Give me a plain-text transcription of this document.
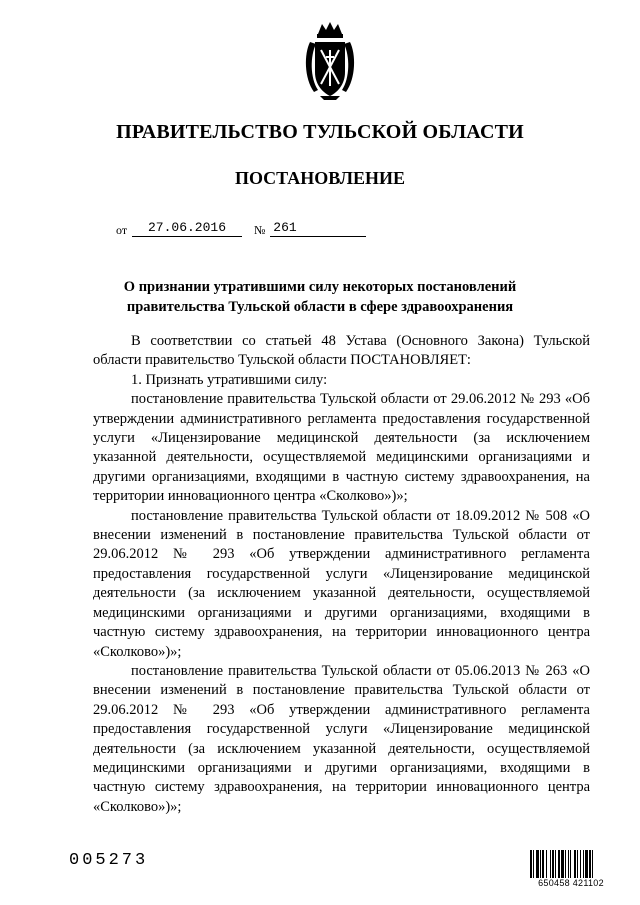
ПРАВИТЕЛЬСТВО ТУЛЬСКОЙ ОБЛАСТИ
ПОСТАНОВЛЕНИЕ
от	27.06.2016	№ 261
О признании утратившими силу некоторых постановлений
правительства Тульской области в сфере здравоохранения

В соответствии со статьей 48 Устава (Основного Закона) Тульской области правительство Тульской области ПОСТАНОВЛЯЕТ:

1. Признать утратившими силу:

постановление правительства Тульской области от 29.06.2012 № 293 «Об утверждении административного регламента предоставления государственной услуги «Лицензирование медицинской деятельности (за исключением указанной деятельности, осуществляемой медицинскими организациями и другими организациями, входящими в частную систему здравоохранения, на территории инновационного центра «Сколково»)»;

постановление правительства Тульской области от 18.09.2012 № 508 «О внесении изменений в постановление правительства Тульской области от 29.06.2012 № 293 «Об утверждении административного регламента предоставления государственной услуги «Лицензирование медицинской деятельности (за исключением указанной деятельности, осуществляемой медицинскими организациями и другими организациями, входящими в частную систему здравоохранения, на территории инновационного центра «Сколково»)»;

постановление правительства Тульской области от 05.06.2013 № 263 «О внесении изменений в постановление правительства Тульской области от 29.06.2012 № 293 «Об утверждении административного регламента предоставления государственной услуги «Лицензирование медицинской деятельности (за исключением указанной деятельности, осуществляемой медицинскими организациями и другими организациями, входящими в частную систему здравоохранения, на территории инновационного центра «Сколково»)»;

005273
650458 421102
